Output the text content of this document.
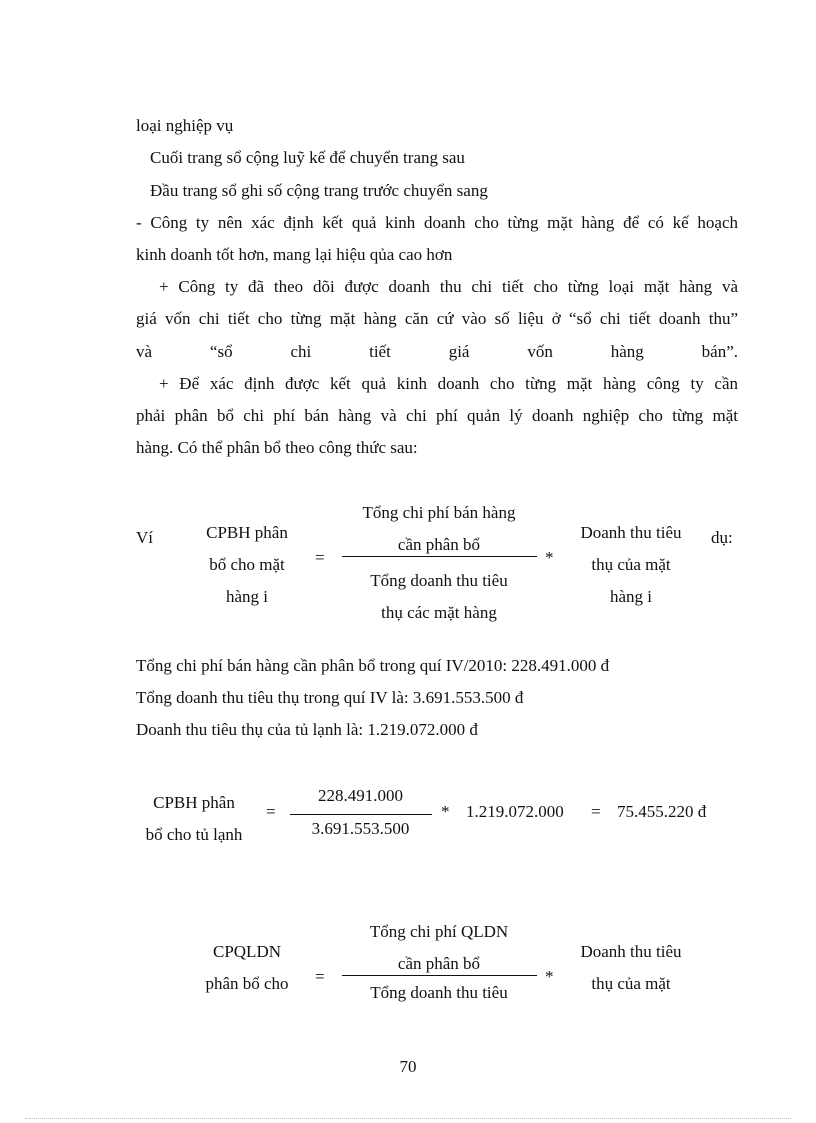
loại nghiệp vụ
Cuối trang sổ cộng luỹ kế để chuyển trang sau
Đầu trang sổ ghi số cộng trang trước chuyển sang
- Công ty nên xác định kết quả kinh doanh cho từng mặt hàng để có kế hoạch
kinh doanh tốt hơn, mang lại hiệu qủa cao hơn
+ Công ty đã theo dõi được doanh thu chi tiết cho từng loại mặt hàng và
giá vốn chi tiết cho từng mặt hàng căn cứ vào số liệu ở “sổ chi tiết doanh thu”
và “sổ chi tiết giá vốn hàng bán”.
+ Để xác định được kết quả kinh doanh cho từng mặt hàng công ty cần
phải phân bổ chi phí bán hàng và chi phí quản lý doanh nghiệp cho từng mặt
hàng. Có thể phân bổ theo công thức sau:
Ví	CPBH phân
bổ cho mặt
hàng i
=
Tổng chi phí bán hàng
cần phân bổ
*
Tổng doanh thu tiêu
thụ các mặt hàng
Doanh thu tiêu
thụ của mặt
hàng i
dụ:
Tổng chi phí bán hàng cần phân bổ trong quí IV/2010: 228.491.000 đ
Tổng doanh thu tiêu thụ trong quí IV là: 3.691.553.500 đ
Doanh thu tiêu thụ của tủ lạnh là: 1.219.072.000 đ
CPBH phân
bổ cho tủ lạnh
=
228.491.000
3.691.553.500
* 1.219.072.000 = 75.455.220 đ
CPQLDN
phân bổ cho	=
Tổng chi phí QLDN
cần phân bổ
*
Tổng doanh thu tiêu
Doanh thu tiêu
thụ của mặt
70
